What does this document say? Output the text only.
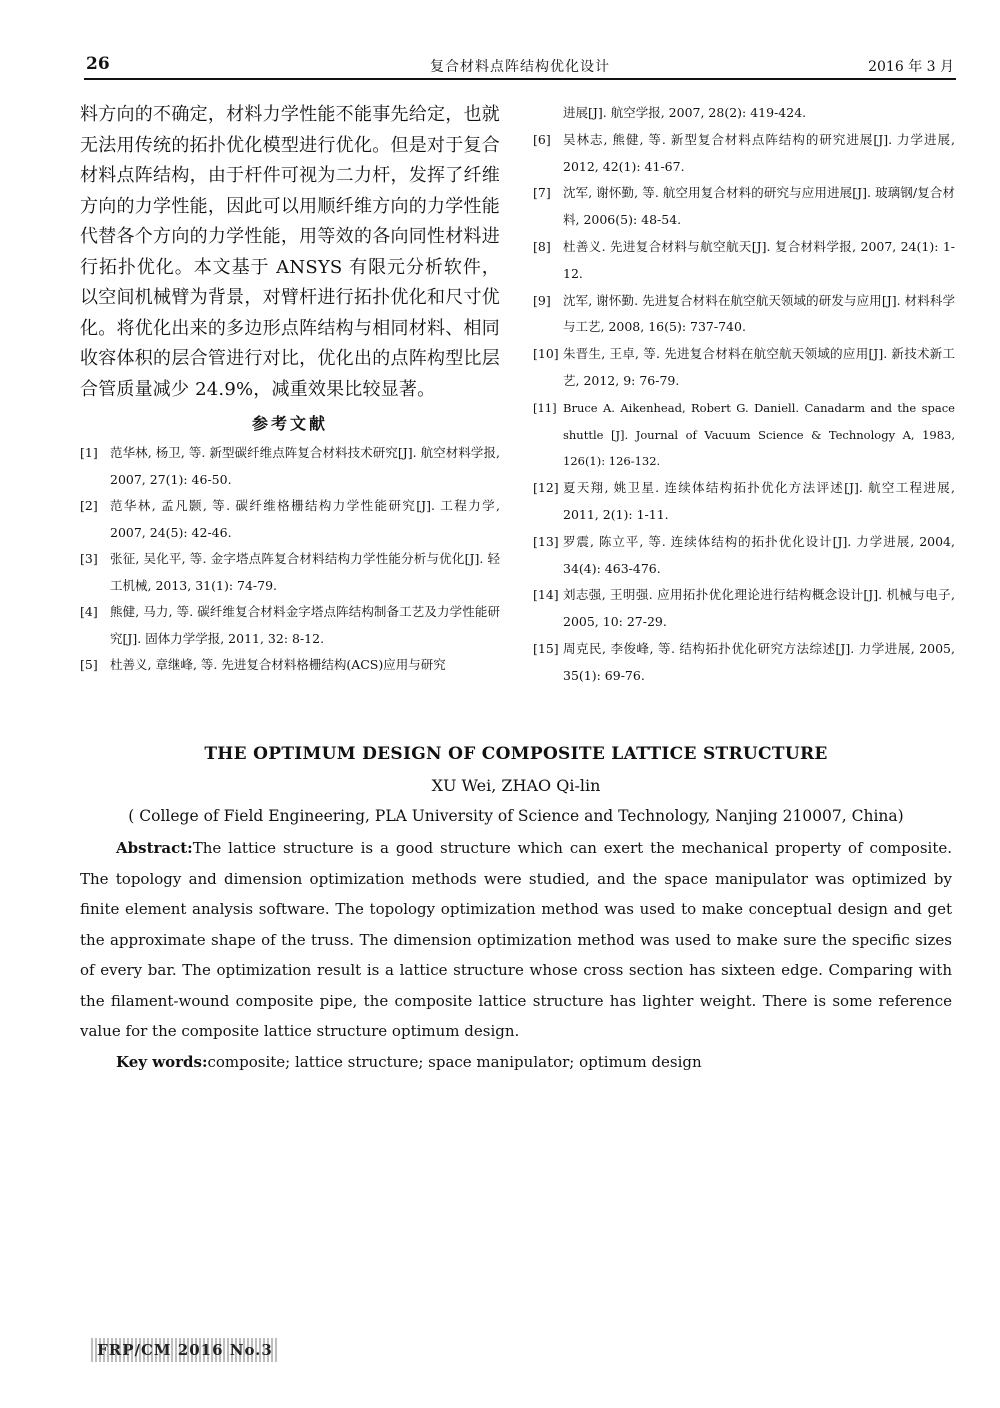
26	复合材料点阵结构优化设计	2016 年 3 月

料方向的不确定，材料力学性能不能事先给定，也就无法用传统的拓扑优化模型进行优化。但是对于复合材料点阵结构，由于杆件可视为二力杆，发挥了纤维方向的力学性能，因此可以用顺纤维方向的力学性能代替各个方向的力学性能，用等效的各向同性材料进行拓扑优化。本文基于 ANSYS 有限元分析软件，以空间机械臂为背景，对臂杆进行拓扑优化和尺寸优化。将优化出来的多边形点阵结构与相同材料、相同收容体积的层合管进行对比，优化出的点阵构型比层合管质量减少 24.9%，减重效果比较显著。

参考文献
[1] 范华林, 杨卫, 等. 新型碳纤维点阵复合材料技术研究[J]. 航空材料学报, 2007, 27(1): 46-50.
[2] 范华林, 孟凡颢, 等. 碳纤维格栅结构力学性能研究[J]. 工程力学, 2007, 24(5): 42-46.
[3] 张征, 吴化平, 等. 金字塔点阵复合材料结构力学性能分析与优化[J]. 轻工机械, 2013, 31(1): 74-79.
[4] 熊健, 马力, 等. 碳纤维复合材料金字塔点阵结构制备工艺及力学性能研究[J]. 固体力学学报, 2011, 32: 8-12.
[5] 杜善义, 章继峰, 等. 先进复合材料格栅结构(ACS)应用与研究
进展[J]. 航空学报, 2007, 28(2): 419-424.
[6] 吴林志, 熊健, 等. 新型复合材料点阵结构的研究进展[J]. 力学进展, 2012, 42(1): 41-67.
[7] 沈军, 谢怀勤, 等. 航空用复合材料的研究与应用进展[J]. 玻璃钢/复合材料, 2006(5): 48-54.
[8] 杜善义. 先进复合材料与航空航天[J]. 复合材料学报, 2007, 24(1): 1-12.
[9] 沈军, 谢怀勤. 先进复合材料在航空航天领域的研发与应用[J]. 材料科学与工艺, 2008, 16(5): 737-740.
[10] 朱晋生, 王卓, 等. 先进复合材料在航空航天领域的应用[J]. 新技术新工艺, 2012, 9: 76-79.
[11] Bruce A. Aikenhead, Robert G. Daniell. Canadarm and the space shuttle [J]. Journal of Vacuum Science & Technology A, 1983, 126(1): 126-132.
[12] 夏天翔, 姚卫星. 连续体结构拓扑优化方法评述[J]. 航空工程进展, 2011, 2(1): 1-11.
[13] 罗震, 陈立平, 等. 连续体结构的拓扑优化设计[J]. 力学进展, 2004, 34(4): 463-476.
[14] 刘志强, 王明强. 应用拓扑优化理论进行结构概念设计[J]. 机械与电子, 2005, 10: 27-29.
[15] 周克民, 李俊峰, 等. 结构拓扑优化研究方法综述[J]. 力学进展, 2005, 35(1): 69-76.
THE OPTIMUM DESIGN OF COMPOSITE LATTICE STRUCTURE
XU Wei, ZHAO Qi-lin
( College of Field Engineering, PLA University of Science and Technology, Nanjing 210007, China)
Abstract:The lattice structure is a good structure which can exert the mechanical property of composite. The topology and dimension optimization methods were studied, and the space manipulator was optimized by finite element analysis software. The topology optimization method was used to make conceptual design and get the approximate shape of the truss. The dimension optimization method was used to make sure the specific sizes of every bar. The optimization result is a lattice structure whose cross section has sixteen edge. Comparing with the filament-wound composite pipe, the composite lattice structure has lighter weight. There is some reference value for the composite lattice structure optimum design.
Key words:composite; lattice structure; space manipulator; optimum design
FRP/CM 2016 No.3
